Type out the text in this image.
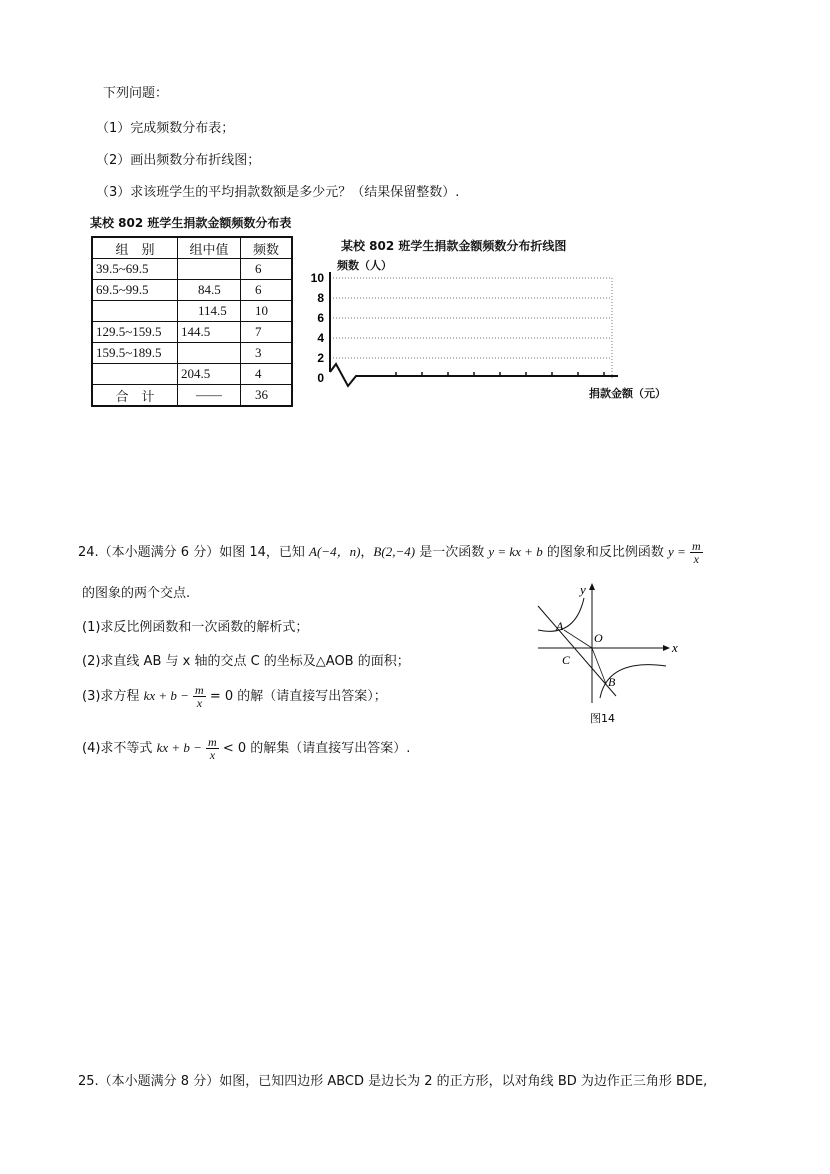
下列问题：
（1）完成频数分布表；
（2）画出频数分布折线图；
（3）求该班学生的平均捐款数额是多少元？（结果保留整数）.
某校 802 班学生捐款金额频数分布表
组　别	组中值	频数
39.5~69.5		6
69.5~99.5	84.5	6
	114.5	10
129.5~159.5	144.5	7
159.5~189.5		3
	204.5	4
合　计	——	36
某校 802 班学生捐款金额频数分布折线图
频数（人）
捐款金额（元）
0
2
4
6
8
10
24.（本小题满分 6 分）如图 14，已知 A(−4，n)，B(2,−4) 是一次函数 y = kx + b 的图象和反比例函数 $y = \frac{m}{x}$
的图象的两个交点.
(1)求反比例函数和一次函数的解析式；
(2)求直线 AB 与 x 轴的交点 C 的坐标及△AOB 的面积；
(3)求方程 kx + $b - \frac{m}{x} = 0$ 的解（请直接写出答案）；
(4)求不等式 kx + $b - \frac{m}{x} < 0$ 的解集（请直接写出答案）.
y
x
O
A
C
B
图14
25.（本小题满分 8 分）如图，已知四边形 ABCD 是边长为 2 的正方形，以对角线 BD 为边作正三角形 BDE,
